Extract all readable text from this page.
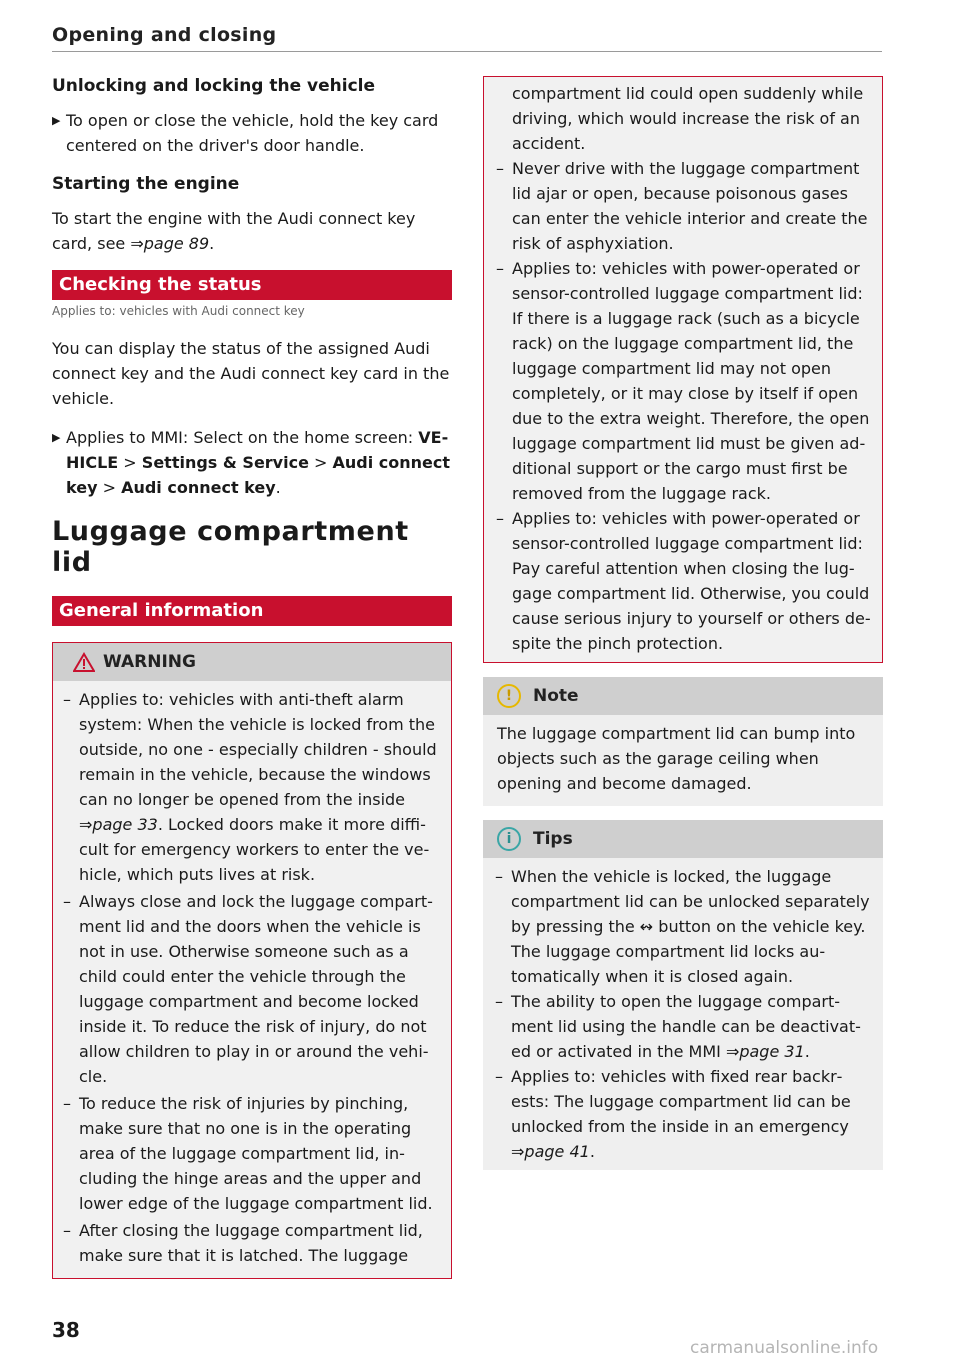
Opening and closing
Unlocking and locking the vehicle
▶ To open or close the vehicle, hold the key card centered on the driver's door handle.
Starting the engine

To start the engine with the Audi connect key card, see ⇒page 89.

Checking the status
Applies to: vehicles with Audi connect key

You can display the status of the assigned Audi connect key and the Audi connect key card in the vehicle.

▶ Applies to MMI: Select on the home screen: VEHICLE > Settings & Service > Audi connect key > Audi connect key.
Luggage compartment lid
General information
WARNING
– Applies to: vehicles with anti-theft alarm system: When the vehicle is locked from the outside, no one - especially children - should remain in the vehicle, because the windows can no longer be opened from the inside ⇒page 33. Locked doors make it more difficult for emergency workers to enter the vehicle, which puts lives at risk.
– Always close and lock the luggage compartment lid and the doors when the vehicle is not in use. Otherwise someone such as a child could enter the vehicle through the luggage compartment and become locked inside it. To reduce the risk of injury, do not allow children to play in or around the vehicle.
– To reduce the risk of injuries by pinching, make sure that no one is in the operating area of the luggage compartment lid, including the hinge areas and the upper and lower edge of the luggage compartment lid.
– After closing the luggage compartment lid, make sure that it is latched. The luggage
compartment lid could open suddenly while driving, which would increase the risk of an accident.
– Never drive with the luggage compartment lid ajar or open, because poisonous gases can enter the vehicle interior and create the risk of asphyxiation.
– Applies to: vehicles with power-operated or sensor-controlled luggage compartment lid: If there is a luggage rack (such as a bicycle rack) on the luggage compartment lid, the luggage compartment lid may not open completely, or it may close by itself if open due to the extra weight. Therefore, the open luggage compartment lid must be given additional support or the cargo must first be removed from the luggage rack.
– Applies to: vehicles with power-operated or sensor-controlled luggage compartment lid: Pay careful attention when closing the luggage compartment lid. Otherwise, you could cause serious injury to yourself or others despite the pinch protection.
! Note
The luggage compartment lid can bump into objects such as the garage ceiling when opening and become damaged.
i Tips
– When the vehicle is locked, the luggage compartment lid can be unlocked separately by pressing the ↭ button on the vehicle key. The luggage compartment lid locks automatically when it is closed again.
– The ability to open the luggage compartment lid using the handle can be deactivated or activated in the MMI ⇒page 31.
– Applies to: vehicles with fixed rear backrests: The luggage compartment lid can be unlocked from the inside in an emergency ⇒page 41.
38
carmanualsonline.info
